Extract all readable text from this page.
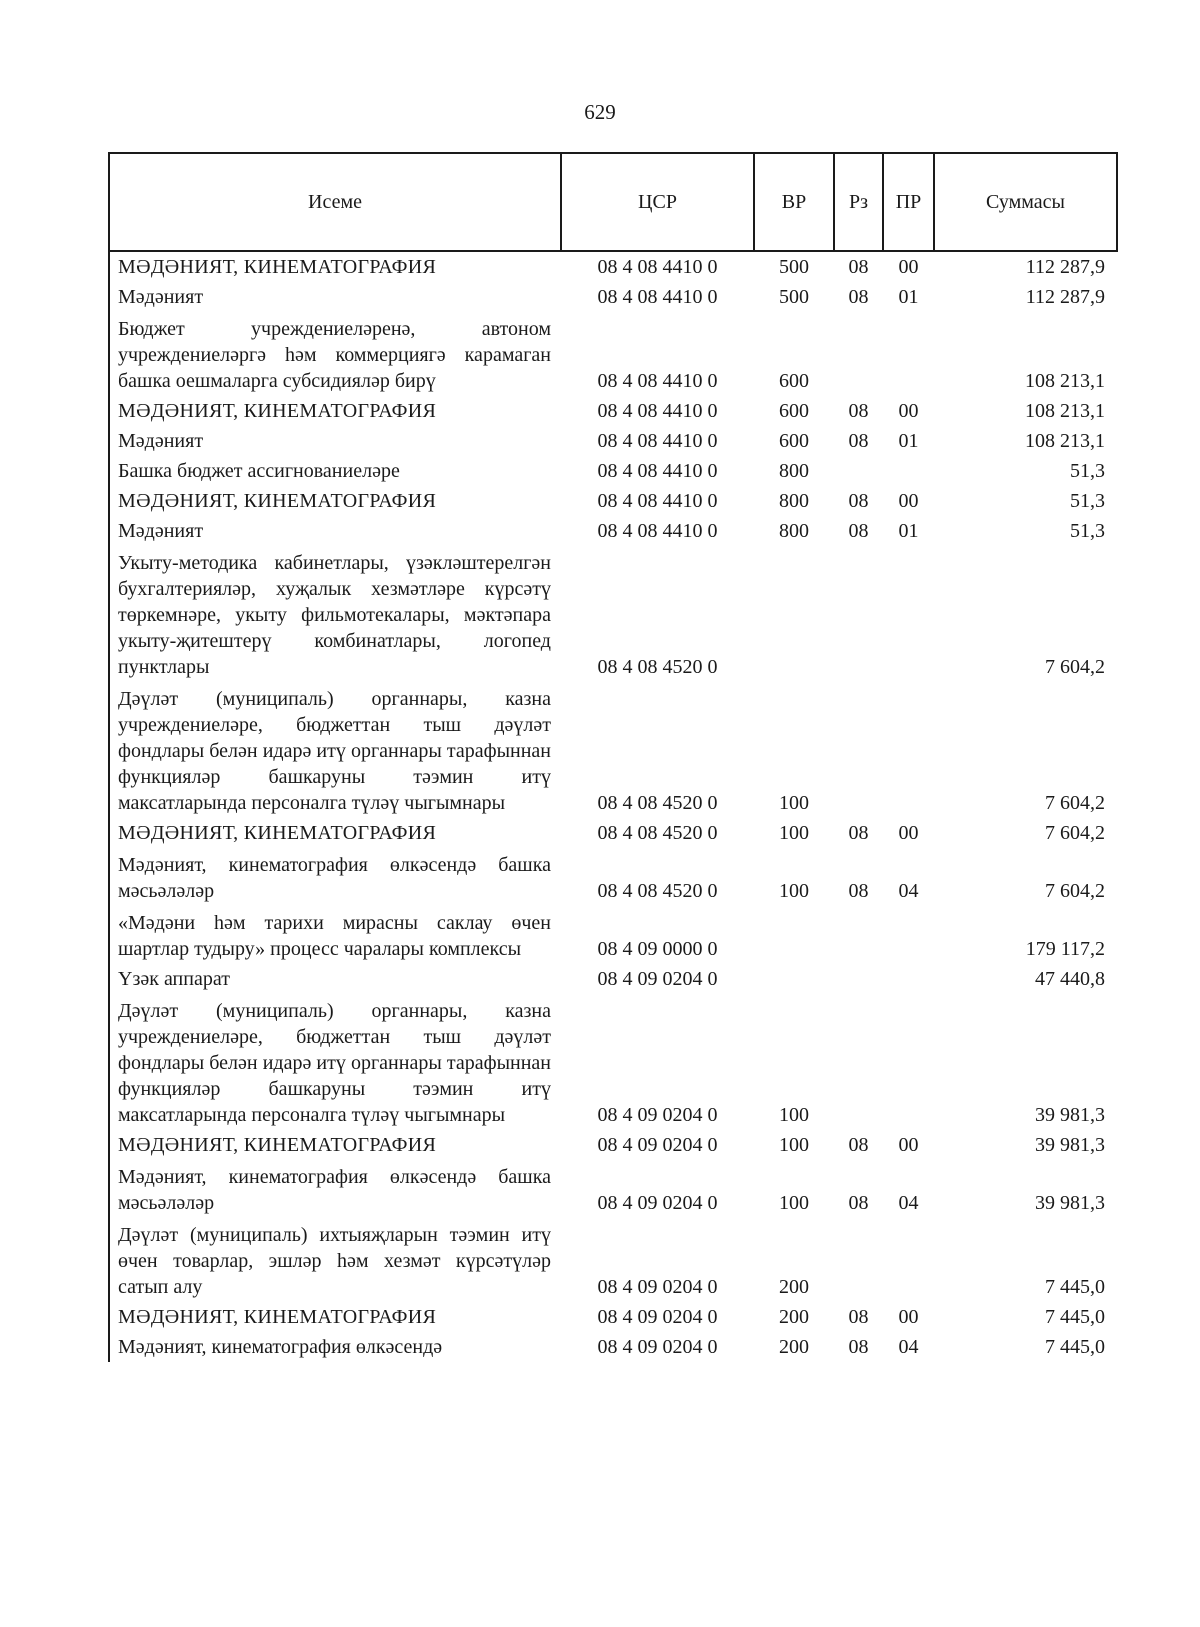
629
Исеме	ЦСР	ВР	Рз	ПР	Суммасы
МӘДӘНИЯТ, КИНЕМАТОГРАФИЯ	08 4 08 4410 0	500	08	00	112 287,9
Мәдәният	08 4 08 4410 0	500	08	01	112 287,9
Бюджет учреждениеләренә, автоном учреждениеләргә һәм коммерциягә карамаган башка оешмаларга субсидияләр бирү	08 4 08 4410 0	600			108 213,1
МӘДӘНИЯТ, КИНЕМАТОГРАФИЯ	08 4 08 4410 0	600	08	00	108 213,1
Мәдәният	08 4 08 4410 0	600	08	01	108 213,1
Башка бюджет ассигнованиеләре	08 4 08 4410 0	800			51,3
МӘДӘНИЯТ, КИНЕМАТОГРАФИЯ	08 4 08 4410 0	800	08	00	51,3
Мәдәният	08 4 08 4410 0	800	08	01	51,3
Укыту-методика кабинетлары, үзәкләштерелгән бухгалтерияләр, хуҗалык хезмәтләре күрсәтү төркемнәре, укыту фильмотекалары, мәктәпара укыту-җитештерү комбинатлары, логопед пунктлары	08 4 08 4520 0				7 604,2
Дәүләт (муниципаль) органнары, казна учреждениеләре, бюджеттан тыш дәүләт фондлары белән идарә итү органнары тарафыннан функцияләр башкаруны тәэмин итү максатларында персоналга түләү чыгымнары	08 4 08 4520 0	100			7 604,2
МӘДӘНИЯТ, КИНЕМАТОГРАФИЯ	08 4 08 4520 0	100	08	00	7 604,2
Мәдәният, кинематография өлкәсендә башка мәсьәләләр	08 4 08 4520 0	100	08	04	7 604,2
«Мәдәни һәм тарихи мирасны саклау өчен шартлар тудыру» процесс чаралары комплексы	08 4 09 0000 0				179 117,2
Үзәк аппарат	08 4 09 0204 0				47 440,8
Дәүләт (муниципаль) органнары, казна учреждениеләре, бюджеттан тыш дәүләт фондлары белән идарә итү органнары тарафыннан функцияләр башкаруны тәэмин итү максатларында персоналга түләү чыгымнары	08 4 09 0204 0	100			39 981,3
МӘДӘНИЯТ, КИНЕМАТОГРАФИЯ	08 4 09 0204 0	100	08	00	39 981,3
Мәдәният, кинематография өлкәсендә башка мәсьәләләр	08 4 09 0204 0	100	08	04	39 981,3
Дәүләт (муниципаль) ихтыяҗларын тәэмин итү өчен товарлар, эшләр һәм хезмәт күрсәтүләр сатып алу	08 4 09 0204 0	200			7 445,0
МӘДӘНИЯТ, КИНЕМАТОГРАФИЯ	08 4 09 0204 0	200	08	00	7 445,0
Мәдәният, кинематография өлкәсендә	08 4 09 0204 0	200	08	04	7 445,0
